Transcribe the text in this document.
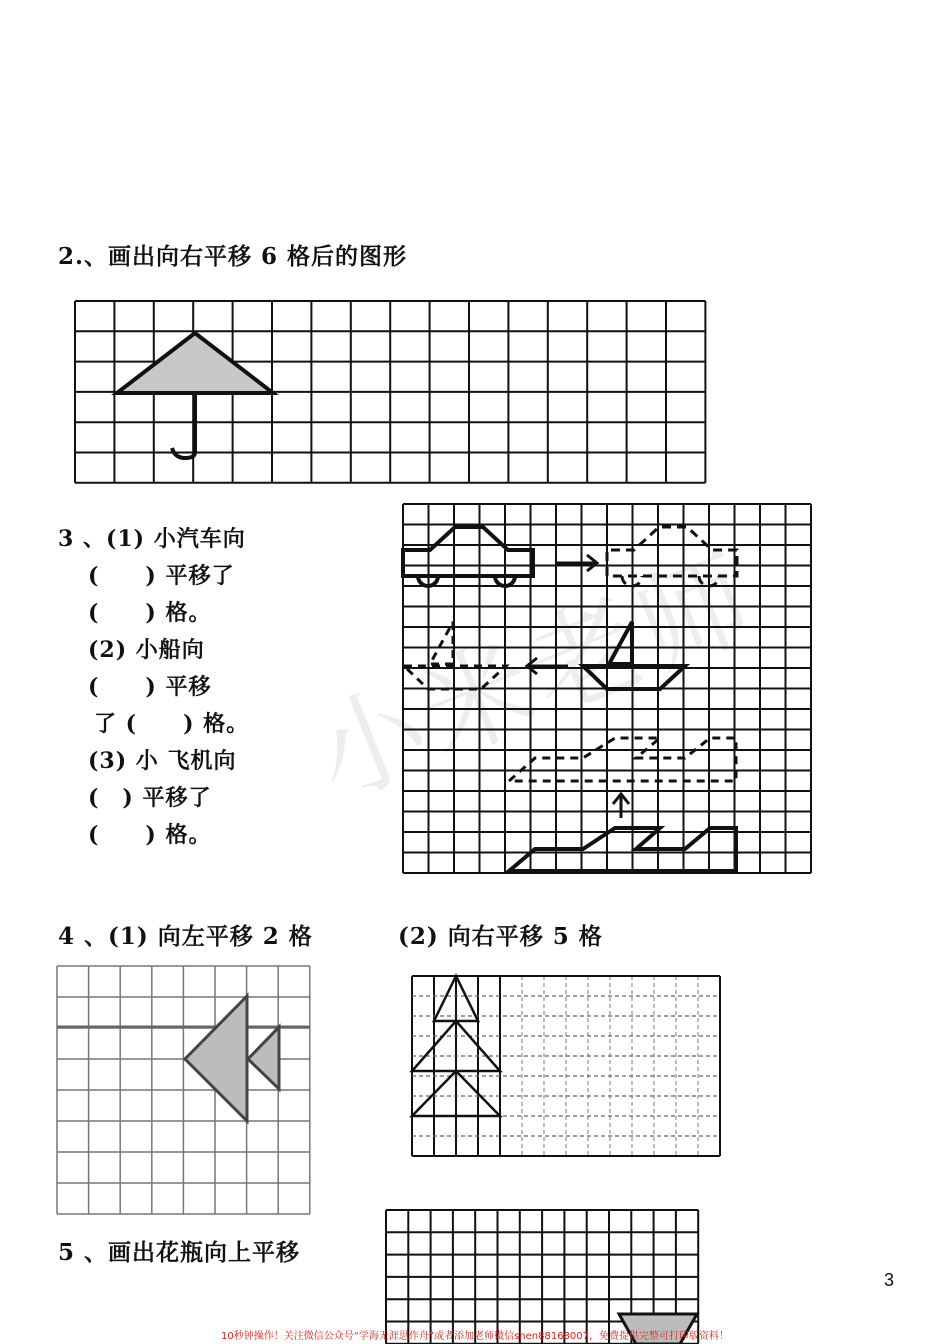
小米老师
2.、画出向右平移 6 格后的图形
3 、(1) 小汽车向
(　　) 平移了
(　　) 格。
(2) 小船向
(　　) 平移
了 (　　) 格。
(3) 小 飞机向
(　) 平移了
(　　) 格。
4 、(1) 向左平移 2 格	(2) 向右平移 5 格
5 、画出花瓶向上平移
3
10秒钟操作！关注微信公众号“学海无涯思作舟”或者添加老师微信shen88168007，免费提供完整可打印版资料！
